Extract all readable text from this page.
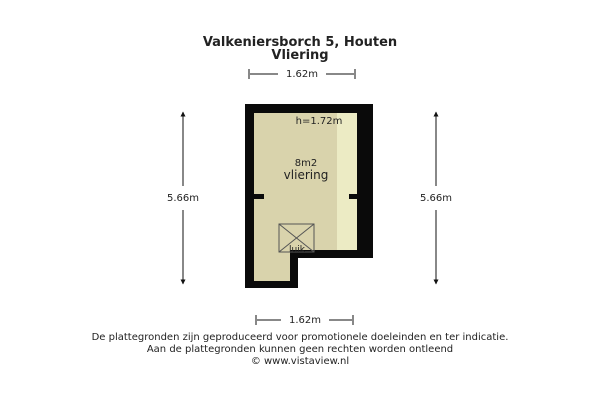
Valkeniersborch 5, Houten
Vliering
luik
h=1.72m
8m2
vliering
1.62m
1.62m
5.66m	5.66m
De plattegronden zijn geproduceerd voor promotionele doeleinden en ter indicatie.
Aan de plattegronden kunnen geen rechten worden ontleend
© www.vistaview.nl
